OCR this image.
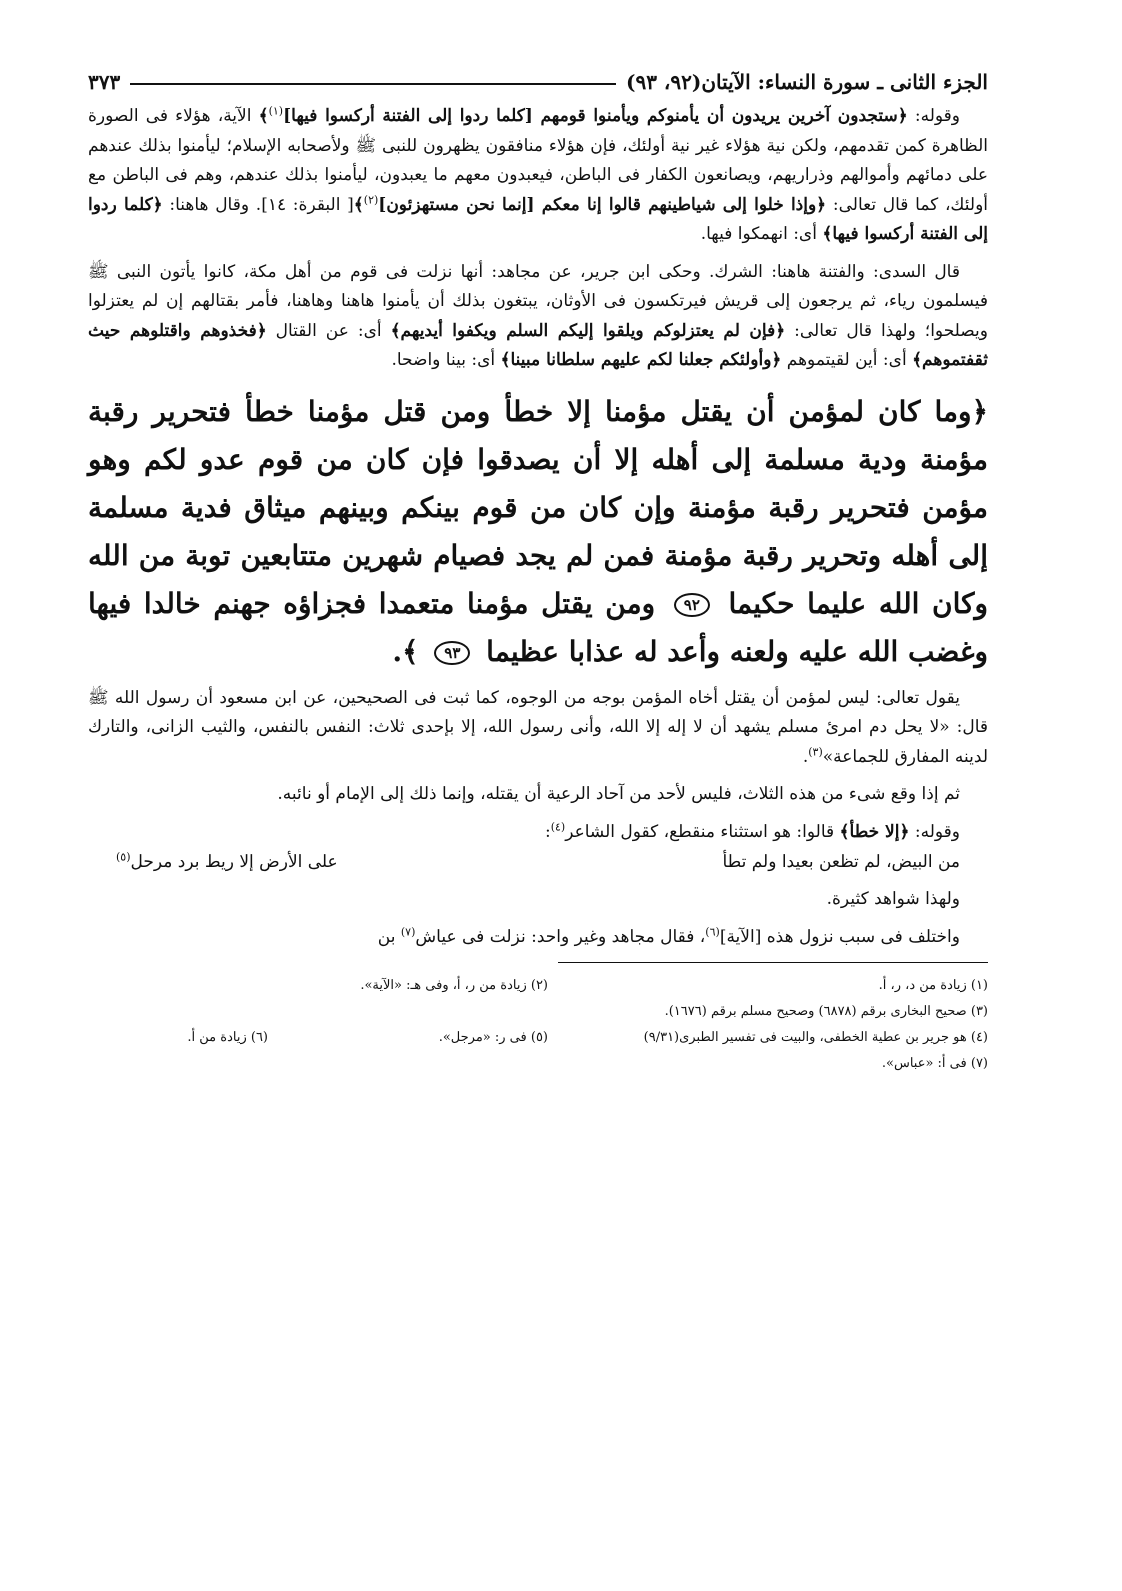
الجزء الثانى ـ سورة النساء: الآيتان(٩٢، ٩٣)
٣٧٣

وقوله: ﴿ستجدون آخرين يريدون أن يأمنوكم ويأمنوا قومهم [كلما ردوا إلى الفتنة أركسوا فيها]$^{(١)}$﴾ الآية، هؤلاء فى الصورة الظاهرة كمن تقدمهم، ولكن نية هؤلاء غير نية أولئك، فإن هؤلاء منافقون يظهرون للنبى ﷺ ولأصحابه الإسلام؛ ليأمنوا بذلك عندهم على دمائهم وأموالهم وذراريهم، ويصانعون الكفار فى الباطن، فيعبدون معهم ما يعبدون، ليأمنوا بذلك عندهم، وهم فى الباطن مع أولئك، كما قال تعالى: ﴿وإذا خلوا إلى شياطينهم قالوا إنا معكم [إنما نحن مستهزئون]$^{(٢)}$﴾[ البقرة: ١٤]. وقال هاهنا: ﴿كلما ردوا إلى الفتنة أركسوا فيها﴾ أى: انهمكوا فيها.

قال السدى: والفتنة هاهنا: الشرك. وحكى ابن جرير، عن مجاهد: أنها نزلت فى قوم من أهل مكة، كانوا يأتون النبى ﷺ فيسلمون رياء، ثم يرجعون إلى قريش فيرتكسون فى الأوثان، يبتغون بذلك أن يأمنوا هاهنا وهاهنا، فأمر بقتالهم إن لم يعتزلوا ويصلحوا؛ ولهذا قال تعالى: ﴿فإن لم يعتزلوكم ويلقوا إليكم السلم ويكفوا أيديهم﴾ أى: عن القتال ﴿فخذوهم واقتلوهم حيث ثقفتموهم﴾ أى: أين لقيتموهم ﴿وأولئكم جعلنا لكم عليهم سلطانا مبينا﴾ أى: بينا واضحا.

﴿وما كان لمؤمن أن يقتل مؤمنا إلا خطأ ومن قتل مؤمنا خطأ فتحرير رقبة مؤمنة ودية مسلمة إلى أهله إلا أن يصدقوا فإن كان من قوم عدو لكم وهو مؤمن فتحرير رقبة مؤمنة وإن كان من قوم بينكم وبينهم ميثاق فدية مسلمة إلى أهله وتحرير رقبة مؤمنة فمن لم يجد فصيام شهرين متتابعين توبة من الله وكان الله عليما حكيما ٩٢ ومن يقتل مؤمنا متعمدا فجزاؤه جهنم خالدا فيها وغضب الله عليه ولعنه وأعد له عذابا عظيما ٩٣ ﴾.

يقول تعالى: ليس لمؤمن أن يقتل أخاه المؤمن بوجه من الوجوه، كما ثبت فى الصحيحين، عن ابن مسعود أن رسول الله ﷺ قال: «لا يحل دم امرئ مسلم يشهد أن لا إله إلا الله، وأنى رسول الله، إلا بإحدى ثلاث: النفس بالنفس، والثيب الزانى، والتارك لدينه المفارق للجماعة»$^{(٣)}$.

ثم إذا وقع شىء من هذه الثلاث، فليس لأحد من آحاد الرعية أن يقتله، وإنما ذلك إلى الإمام أو نائبه.

وقوله: ﴿إلا خطأ﴾ قالوا: هو استثناء منقطع، كقول الشاعر$^{(٤)}$:

من البيض، لم تظعن بعيدا ولم تطأ
على الأرض إلا ريط برد مرحل$^{(٥)}$

ولهذا شواهد كثيرة.

واختلف فى سبب نزول هذه [الآية]$^{(٦)}$، فقال مجاهد وغير واحد: نزلت فى عياش$^{(٧)}$ بن

(١) زيادة من د، ر، أ.
(٢) زيادة من ر، أ، وفى هـ: «الآية».
(٣) صحيح البخارى برقم (٦٨٧٨) وصحيح مسلم برقم (١٦٧٦).
(٤) هو جرير بن عطية الخطفى، والبيت فى تفسير الطبرى(٩/٣١)
(٥) فى ر: «مرجل».
(٦) زيادة من أ.
(٧) فى أ: «عباس».
